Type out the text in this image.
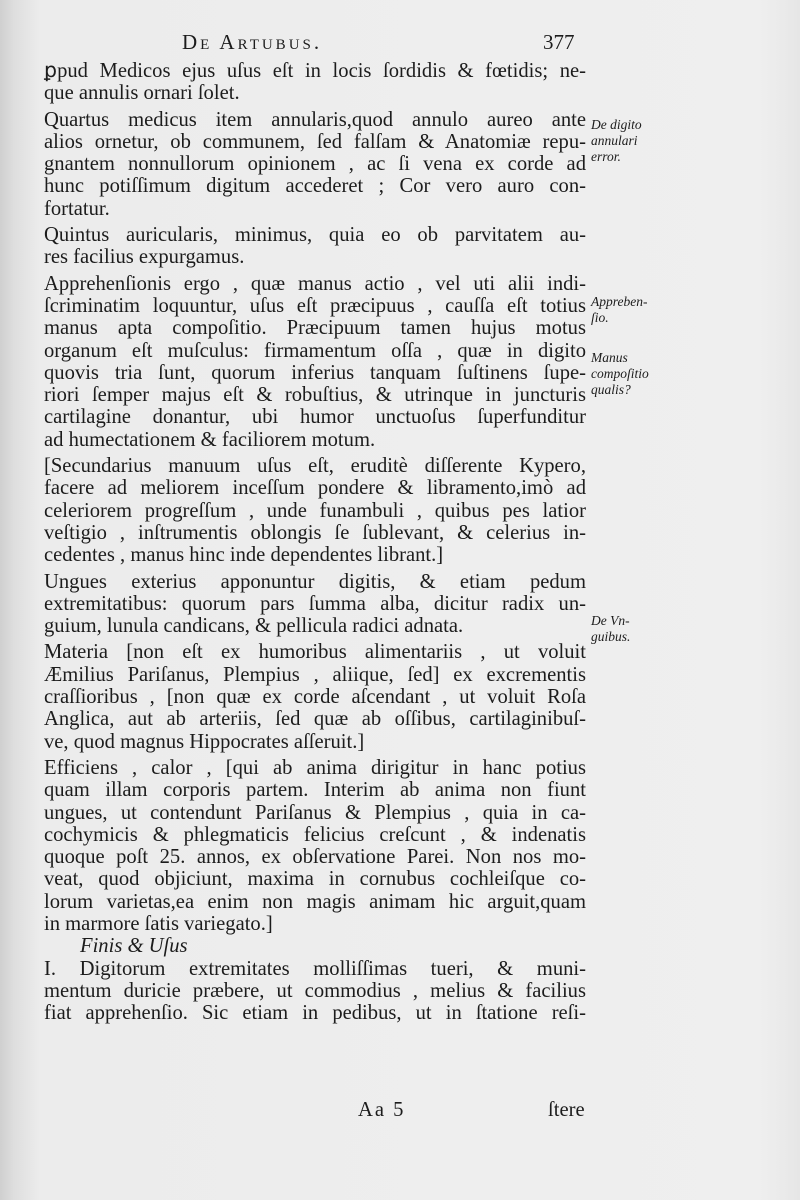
De Artubus.	377
ꝑpud Medicos ejus uſus eſt in locis ſordidis & fœtidis; ne-
que annulis ornari ſolet.
Quartus medicus item annularis,quod annulo aureo ante
alios ornetur, ob communem, ſed falſam & Anatomiæ repu-
gnantem nonnullorum opinionem , ac ſi vena ex corde ad
hunc potiſſimum digitum accederet ; Cor vero auro con-
fortatur.
Quintus auricularis, minimus, quia eo ob parvitatem au-
res facilius expurgamus.
Apprehenſionis ergo , quæ manus actio , vel uti alii indi-
ſcriminatim loquuntur, uſus eſt præcipuus , cauſſa eſt totius
manus apta compoſitio. Præcipuum tamen hujus motus
organum eſt muſculus: firmamentum oſſa , quæ in digito
quovis tria ſunt, quorum inferius tanquam ſuſtinens ſupe-
riori ſemper majus eſt & robuſtius, & utrinque in juncturis
cartilagine donantur, ubi humor unctuoſus ſuperfunditur
ad humectationem & faciliorem motum.
[Secundarius manuum uſus eſt, eruditè diſſerente Kypero,
facere ad meliorem inceſſum pondere & libramento,imò ad
celeriorem progreſſum , unde funambuli , quibus pes latior
veſtigio , inſtrumentis oblongis ſe ſublevant, & celerius in-
cedentes , manus hinc inde dependentes librant.]
Ungues exterius apponuntur digitis, & etiam pedum
extremitatibus: quorum pars ſumma alba, dicitur radix un-
guium, lunula candicans, & pellicula radici adnata.
Materia [non eſt ex humoribus alimentariis , ut voluit
Æmilius Pariſanus, Plempius , aliique, ſed] ex excrementis
craſſioribus , [non quæ ex corde aſcendant , ut voluit Roſa
Anglica, aut ab arteriis, ſed quæ ab oſſibus, cartilaginibuſ-
ve, quod magnus Hippocrates aſſeruit.]
Efficiens , calor , [qui ab anima dirigitur in hanc potius
quam illam corporis partem. Interim ab anima non fiunt
ungues, ut contendunt Pariſanus & Plempius , quia in ca-
cochymicis & phlegmaticis felicius creſcunt , & indenatis
quoque poſt 25. annos, ex obſervatione Parei. Non nos mo-
veat, quod objiciunt, maxima in cornubus cochleiſque co-
lorum varietas,ea enim non magis animam hic arguit,quam
in marmore ſatis variegato.]
Finis & Uſus
I. Digitorum extremitates molliſſimas tueri, & muni-
mentum duricie præbere, ut commodius , melius & facilius
fiat apprehenſio. Sic etiam in pedibus, ut in ſtatione reſi-
De digito
annulari
error.
Appreben-
ſio.
Manus
compoſitio
qualis?
De Vn-
guibus.
Aa 5	ſtere
